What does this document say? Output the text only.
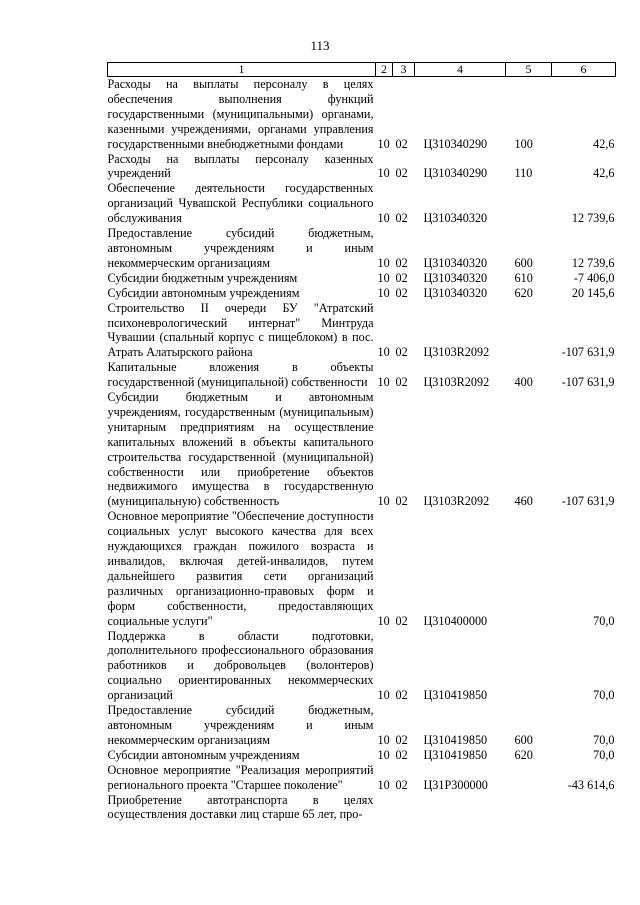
113
1	2	3	4	5	6
Расходы на выплаты персоналу в целях обеспечения выполнения функций государственными (муниципальными) органами, казенными учреждениями, органами управления государственными внебюджетными фондами	10	02	Ц310340290	100	42,6
Расходы на выплаты персоналу казенных учреждений	10	02	Ц310340290	110	42,6
Обеспечение деятельности государственных организаций Чувашской Республики социального обслуживания	10	02	Ц310340320		12 739,6
Предоставление субсидий бюджетным, автономным учреждениям и иным некоммерческим организациям	10	02	Ц310340320	600	12 739,6
Субсидии бюджетным учреждениям	10	02	Ц310340320	610	-7 406,0
Субсидии автономным учреждениям	10	02	Ц310340320	620	20 145,6
Строительство II очереди БУ "Атратский психоневрологический интернат" Минтруда Чувашии (спальный корпус с пищеблоком) в пос. Атрать Алатырского района	10	02	Ц3103R2092		-107 631,9
Капитальные вложения в объекты государственной (муниципальной) собственности	10	02	Ц3103R2092	400	-107 631,9
Субсидии бюджетным и автономным учреждениям, государственным (муниципальным) унитарным предприятиям на осуществление капитальных вложений в объекты капитального строительства государственной (муниципальной) собственности или приобретение объектов недвижимого имущества в государственную (муниципальную) собственность	10	02	Ц3103R2092	460	-107 631,9
Основное мероприятие "Обеспечение доступности социальных услуг высокого качества для всех нуждающихся граждан пожилого возраста и инвалидов, включая детей-инвалидов, путем дальнейшего развития сети организаций различных организационно-правовых форм и форм собственности, предоставляющих социальные услуги"	10	02	Ц310400000		70,0
Поддержка в области подготовки, дополнительного профессионального образования работников и добровольцев (волонтеров) социально ориентированных некоммерческих организаций	10	02	Ц310419850		70,0
Предоставление субсидий бюджетным, автономным учреждениям и иным некоммерческим организациям	10	02	Ц310419850	600	70,0
Субсидии автономным учреждениям	10	02	Ц310419850	620	70,0
Основное мероприятие "Реализация мероприятий регионального проекта "Старшее поколение"	10	02	Ц31P300000		-43 614,6
Приобретение автотранспорта в целях осуществления доставки лиц старше 65 лет, про-					
